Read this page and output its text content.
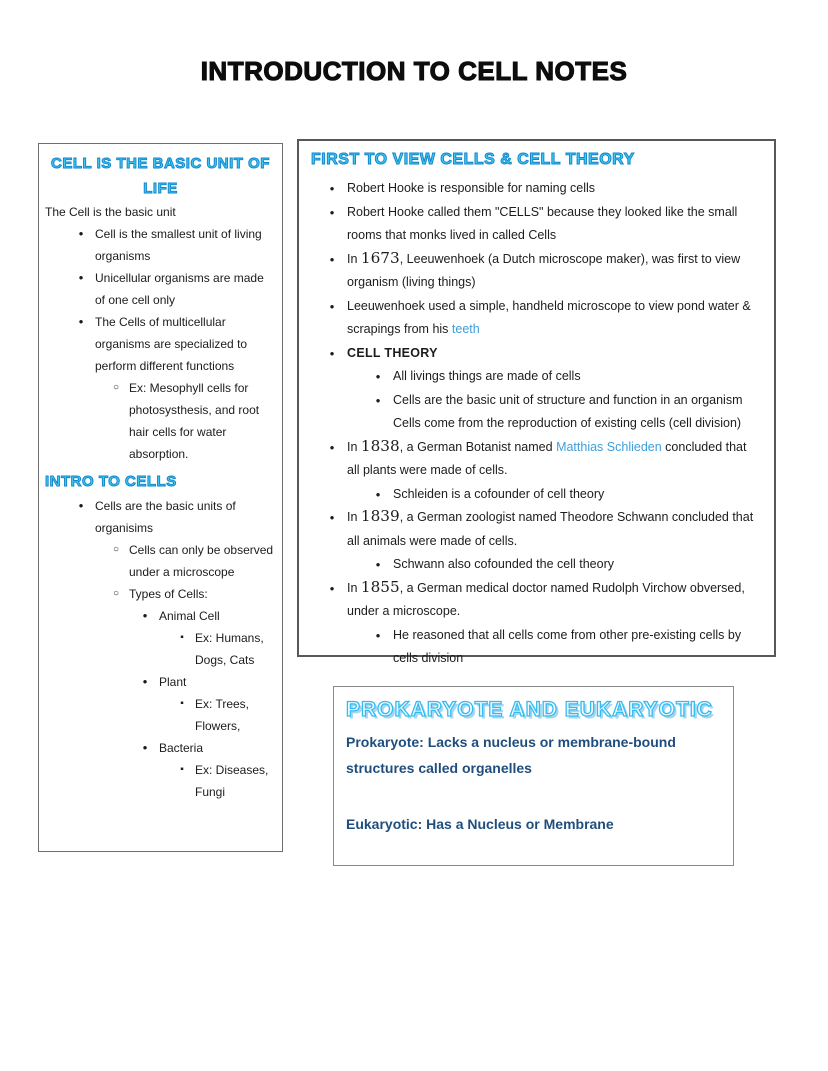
INTRODUCTION TO CELL NOTES
CELL IS THE BASIC UNIT OF LIFE
The Cell is the basic unit
• Cell is the smallest unit of living organisms
• Unicellular organisms are made of one cell only
• The Cells of multicellular organisms are specialized to perform different functions
○ Ex: Mesophyll cells for photosysthesis, and root hair cells for water absorption.
INTRO TO CELLS
• Cells are the basic units of organisims
○ Cells can only be observed under a microscope
○ Types of Cells:
• Animal Cell
▪ Ex: Humans, Dogs, Cats
• Plant
▪ Ex: Trees, Flowers,
• Bacteria
▪ Ex: Diseases, Fungi
FIRST TO VIEW CELLS & CELL THEORY
•	Robert Hooke is responsible for naming cells
•	Robert Hooke called them "CELLS" because they looked like the small rooms that monks lived in called Cells
•	In 1673, Leeuwenhoek (a Dutch microscope maker), was first to view organism (living things)
•	Leeuwenhoek used a simple, handheld microscope to view pond water & scrapings from his teeth
•	CELL THEORY
•	All livings things are made of cells
•	Cells are the basic unit of structure and function in an organism
Cells come from the reproduction of existing cells (cell division)
•	In 1838, a German Botanist named Matthias Schlieden concluded that all plants were made of cells.
•	Schleiden is a cofounder of cell theory
•	In 1839, a German zoologist named Theodore Schwann concluded that all animals were made of cells.
•	Schwann also cofounded the cell theory
•	In 1855, a German medical doctor named Rudolph Virchow obversed, under a microscope.
•	He reasoned that all cells come from other pre-existing cells by cells division
PROKARYOTE AND EUKARYOTIC
Prokaryote: Lacks a nucleus or membrane-bound structures called organelles
Eukaryotic: Has a Nucleus or Membrane
